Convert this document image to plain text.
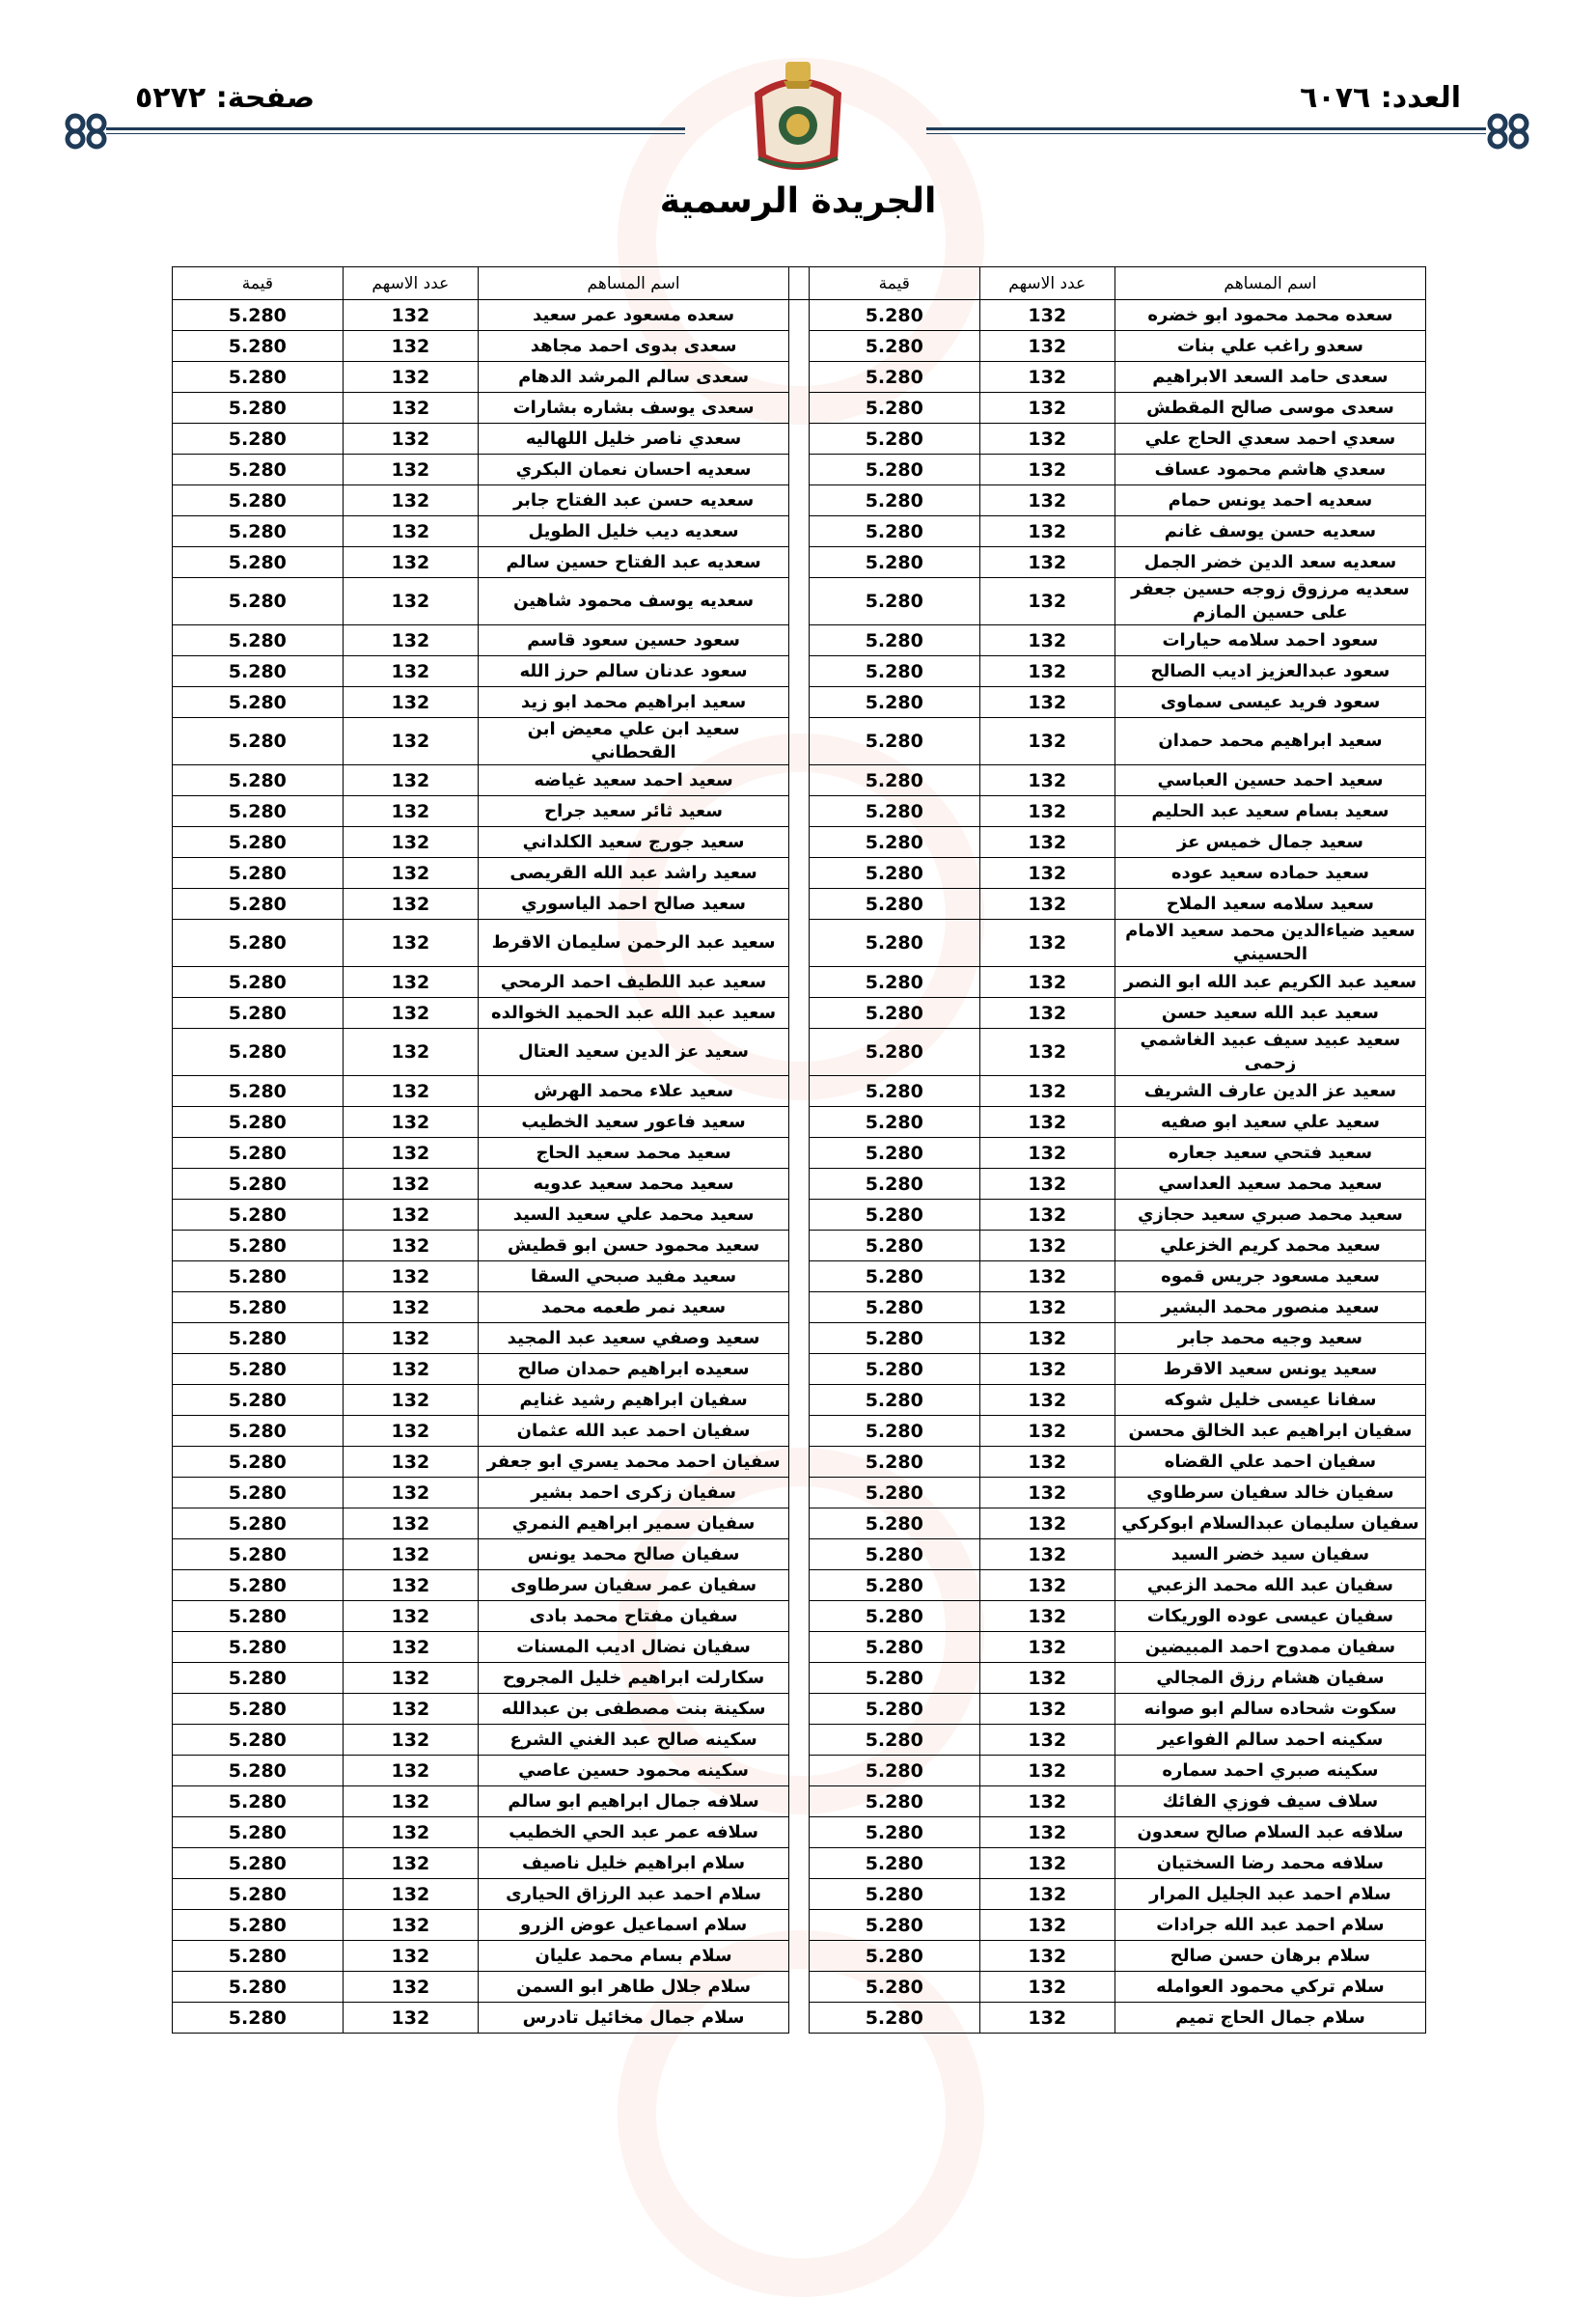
العدد: ٦٠٧٦
صفحة: ٥٢٧٢
الجريدة الرسمية
اسم المساهم	عدد الاسهم	قيمة		اسم المساهم	عدد الاسهم	قيمة
سعده محمد محمود ابو خضره	132	5.280		سعده مسعود عمر سعيد	132	5.280
سعدو راغب علي بنات	132	5.280		سعدى بدوى احمد مجاهد	132	5.280
سعدى حامد السعد الابراهيم	132	5.280		سعدى سالم المرشد الدهام	132	5.280
سعدى موسى صالح المقطش	132	5.280		سعدى يوسف بشاره بشارات	132	5.280
سعدي احمد سعدي الحاج علي	132	5.280		سعدي ناصر خليل اللهاليه	132	5.280
سعدي هاشم محمود عساف	132	5.280		سعديه احسان نعمان البكري	132	5.280
سعديه احمد يونس حمام	132	5.280		سعديه حسن عبد الفتاح جابر	132	5.280
سعديه حسن يوسف غانم	132	5.280		سعديه ديب خليل الطويل	132	5.280
سعديه سعد الدين خضر الجمل	132	5.280		سعديه عبد الفتاح حسين سالم	132	5.280
سعديه مرزوق زوجه حسين جعفر على حسين المازم	132	5.280		سعديه يوسف محمود شاهين	132	5.280
سعود احمد سلامه حيارات	132	5.280		سعود حسين سعود قاسم	132	5.280
سعود عبدالعزيز اديب الصالح	132	5.280		سعود عدنان سالم حرز الله	132	5.280
سعود فريد عيسى سماوى	132	5.280		سعيد ابراهيم محمد ابو زيد	132	5.280
سعيد ابراهيم محمد حمدان	132	5.280		سعيد ابن علي معيض ابن القحطاني	132	5.280
سعيد احمد حسين العباسي	132	5.280		سعيد احمد سعيد غياضه	132	5.280
سعيد بسام سعيد عبد الحليم	132	5.280		سعيد ثائر سعيد جراح	132	5.280
سعيد جمال خميس عز	132	5.280		سعيد جورج سعيد الكلداني	132	5.280
سعيد حماده سعيد عوده	132	5.280		سعيد راشد عبد الله القريصى	132	5.280
سعيد سلامه سعيد الملاح	132	5.280		سعيد صالح احمد الياسوري	132	5.280
سعيد ضياءالدين محمد سعيد الامام الحسيني	132	5.280		سعيد عبد الرحمن سليمان الاقرط	132	5.280
سعيد عبد الكريم عبد الله ابو النصر	132	5.280		سعيد عبد اللطيف احمد الرمحي	132	5.280
سعيد عبد الله سعيد حسن	132	5.280		سعيد عبد الله عبد الحميد الخوالده	132	5.280
سعيد عبيد سيف عبيد الغاشمي زحمى	132	5.280		سعيد عز الدين سعيد العتال	132	5.280
سعيد عز الدين عارف الشريف	132	5.280		سعيد علاء محمد الهرش	132	5.280
سعيد علي سعيد ابو صفيه	132	5.280		سعيد فاعور سعيد الخطيب	132	5.280
سعيد فتحي سعيد جعاره	132	5.280		سعيد محمد سعيد الحاج	132	5.280
سعيد محمد سعيد العداسي	132	5.280		سعيد محمد سعيد عدويه	132	5.280
سعيد محمد صبري سعيد حجازي	132	5.280		سعيد محمد علي سعيد السيد	132	5.280
سعيد محمد كريم الخزعلي	132	5.280		سعيد محمود حسن ابو قطيش	132	5.280
سعيد مسعود جريس قموه	132	5.280		سعيد مفيد صبحي السقا	132	5.280
سعيد منصور محمد البشير	132	5.280		سعيد نمر طعمه محمد	132	5.280
سعيد وجيه محمد جابر	132	5.280		سعيد وصفي سعيد عبد المجيد	132	5.280
سعيد يونس سعيد الاقرط	132	5.280		سعيده ابراهيم حمدان صالح	132	5.280
سفانا عيسى خليل شوكه	132	5.280		سفيان ابراهيم رشيد غنايم	132	5.280
سفيان ابراهيم عبد الخالق محسن	132	5.280		سفيان احمد عبد الله عثمان	132	5.280
سفيان احمد علي القضاه	132	5.280		سفيان احمد محمد يسري ابو جعفر	132	5.280
سفيان خالد سفيان سرطاوي	132	5.280		سفيان زكرى احمد بشير	132	5.280
سفيان سليمان عبدالسلام ابوكركي	132	5.280		سفيان سمير ابراهيم النمري	132	5.280
سفيان سيد خضر السيد	132	5.280		سفيان صالح محمد يونس	132	5.280
سفيان عبد الله محمد الزعبي	132	5.280		سفيان عمر سفيان سرطاوى	132	5.280
سفيان عيسى عوده الوريكات	132	5.280		سفيان مفتاح محمد بادى	132	5.280
سفيان ممدوح احمد المبيضين	132	5.280		سفيان نضال اديب المسنات	132	5.280
سفيان هشام رزق المجالي	132	5.280		سكارلت ابراهيم خليل المجروح	132	5.280
سكوت شحاده سالم ابو صوانه	132	5.280		سكينة بنت مصطفى بن عبدالله	132	5.280
سكينه احمد سالم الفواعير	132	5.280		سكينه صالح عبد الغني الشرع	132	5.280
سكينه صبري احمد سماره	132	5.280		سكينه محمود حسين عاصي	132	5.280
سلاف سيف فوزي الفائك	132	5.280		سلافه جمال ابراهيم ابو سالم	132	5.280
سلافه عبد السلام صالح سعدون	132	5.280		سلافه عمر عبد الحي الخطيب	132	5.280
سلافه محمد رضا السختيان	132	5.280		سلام ابراهيم خليل ناصيف	132	5.280
سلام احمد عبد الجليل المرار	132	5.280		سلام احمد عبد الرزاق الحيارى	132	5.280
سلام احمد عبد الله جرادات	132	5.280		سلام اسماعيل عوض الزرو	132	5.280
سلام برهان حسن صالح	132	5.280		سلام بسام محمد عليان	132	5.280
سلام تركي محمود العوامله	132	5.280		سلام جلال طاهر ابو السمن	132	5.280
سلام جمال الحاج تميم	132	5.280		سلام جمال مخائيل تادرس	132	5.280
